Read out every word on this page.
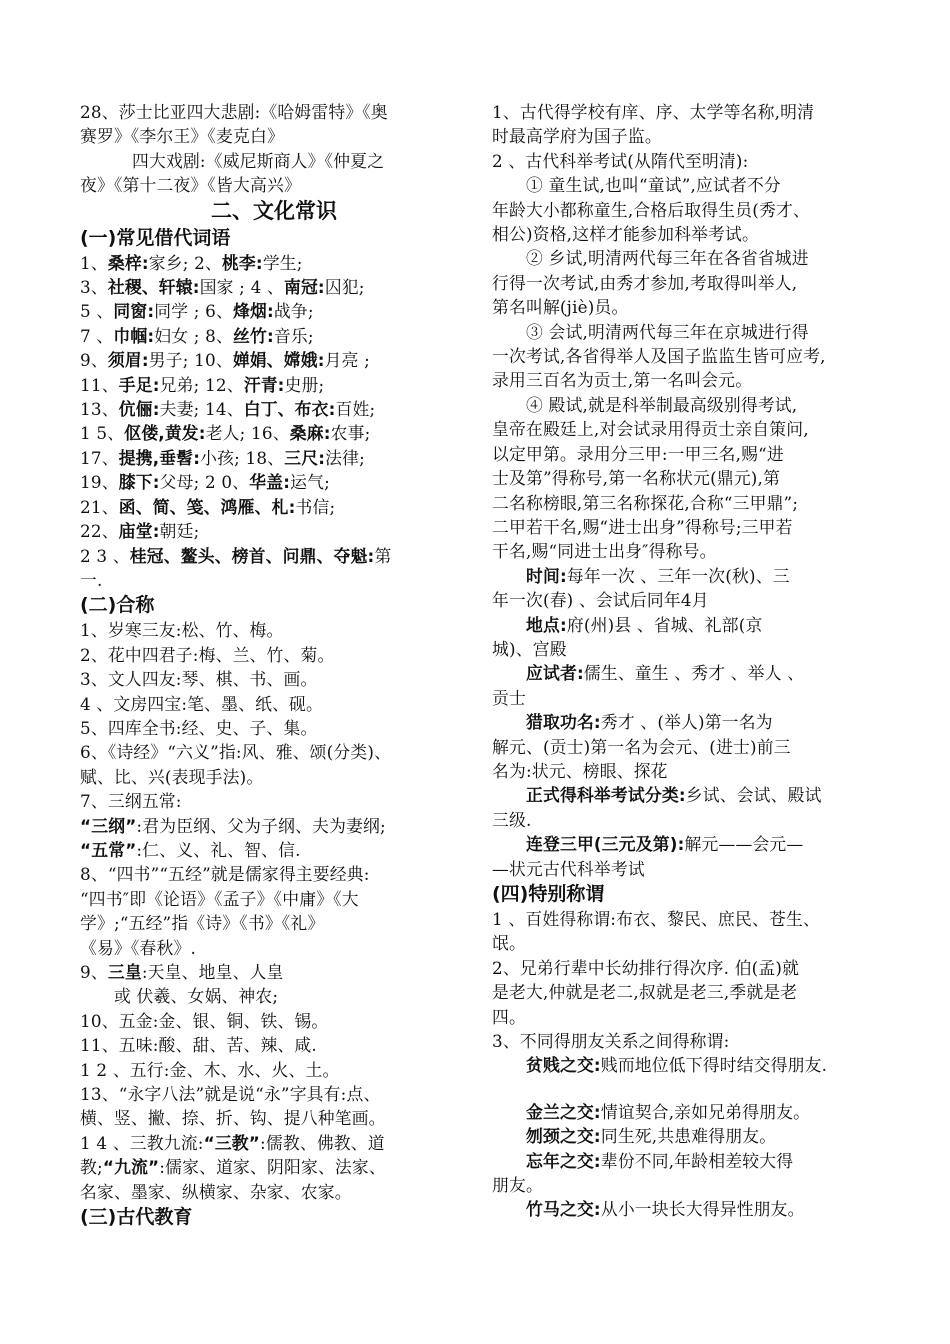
28、莎士比亚四大悲剧:《哈姆雷特》《奥
赛罗》《李尔王》《麦克白》
四大戏剧:《威尼斯商人》《仲夏之
夜》《第十二夜》《皆大高兴》
二、文化常识
(一)常见借代词语
1、桑梓:家乡; 2、桃李:学生;
3、社稷、轩辕:国家 ; 4 、南冠:囚犯;
5 、同窗:同学 ; 6、烽烟:战争;
7 、巾帼:妇女 ; 8、丝竹:音乐;
9、须眉:男子; 10、婵娟、嫦娥:月亮 ;
11、手足:兄弟; 12、汗青:史册;
13、伉俪:夫妻; 14、白丁、布衣:百姓;
1 5、伛偻,黄发:老人; 16、桑麻:农事;
17、提携,垂髫:小孩; 18、三尺:法律;
19、膝下:父母; 2 0、华盖:运气;
21、函、简、笺、鸿雁、札:书信;
22、庙堂:朝廷;
2 3 、桂冠、鳌头、榜首、问鼎、夺魁:第
一.
(二)合称
1、岁寒三友:松、竹、梅。
2、花中四君子:梅、兰、竹、菊。
3、文人四友:琴、棋、书、画。
4 、文房四宝:笔、墨、纸、砚。
5、四库全书:经、史、子、集。
6、《诗经》“六义”指:风、雅、颂(分类)、
赋、比、兴(表现手法)。
7、三纲五常:
“三纲”:君为臣纲、父为子纲、夫为妻纲;
“五常”:仁、义、礼、智、信.
8、“四书”“五经”就是儒家得主要经典:
“四书″即《论语》《孟子》《中庸》《大
学》;“五经”指《诗》《书》《礼》
《易》《春秋》.
9、三皇:天皇、地皇、人皇
或 伏羲、女娲、神农;
10、五金:金、银、铜、铁、锡。
11、五味:酸、甜、苦、辣、咸.
1 2 、五行:金、木、水、火、土。
13、“永字八法”就是说“永”字具有:点、
横、竖、撇、捺、折、钩、提八种笔画。
1 4 、三教九流:“三教”:儒教、佛教、道
教;“九流”:儒家、道家、阴阳家、法家、
名家、墨家、纵横家、杂家、农家。
(三)古代教育
1、古代得学校有庠、序、太学等名称,明清
时最高学府为国子监。
2 、古代科举考试(从隋代至明清):
① 童生试,也叫“童试”,应试者不分
年龄大小都称童生,合格后取得生员(秀才、
相公)资格,这样才能参加科举考试。
② 乡试,明清两代每三年在各省省城进
行得一次考试,由秀才参加,考取得叫举人,
第名叫解(jiè)员。
③ 会试,明清两代每三年在京城进行得
一次考试,各省得举人及国子监监生皆可应考,
录用三百名为贡士,第一名叫会元。
④ 殿试,就是科举制最高级别得考试,
皇帝在殿廷上,对会试录用得贡士亲自策问,
以定甲第。录用分三甲:一甲三名,赐“进
士及第”得称号,第一名称状元(鼎元),第
二名称榜眼,第三名称探花,合称“三甲鼎”;
二甲若干名,赐“进士出身”得称号;三甲若
干名,赐“同进士出身″得称号。
时间:每年一次 、三年一次(秋)、三
年一次(春) 、会试后同年4月
地点:府(州)县 、省城、礼部(京
城)、宫殿
应试者:儒生、童生 、秀才 、举人 、
贡士
猎取功名:秀才 、(举人)第一名为
解元、(贡士)第一名为会元、(进士)前三
名为:状元、榜眼、探花
正式得科举考试分类:乡试、会试、殿试
三级.
连登三甲(三元及第):解元——会元—
—状元古代科举考试
(四)特别称谓
1 、百姓得称谓:布衣、黎民、庶民、苍生、
氓。
2、兄弟行辈中长幼排行得次序. 伯(孟)就
是老大,仲就是老二,叔就是老三,季就是老
四。
3、不同得朋友关系之间得称谓:
贫贱之交:贱而地位低下得时结交得朋友.
金兰之交:情谊契合,亲如兄弟得朋友。
刎颈之交:同生死,共患难得朋友。
忘年之交:辈份不同,年龄相差较大得
朋友。
竹马之交:从小一块长大得异性朋友。
